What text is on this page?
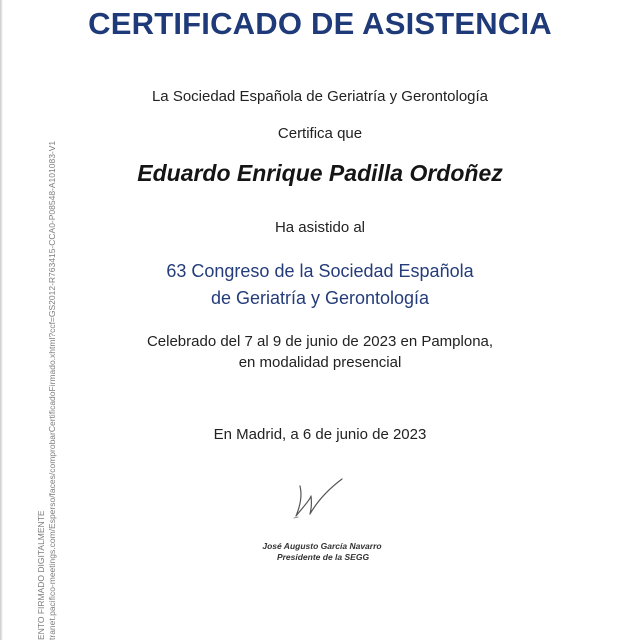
CERTIFICADO DE ASISTENCIA
La Sociedad Española de Geriatría y Gerontología
Certifica que
Eduardo Enrique Padilla Ordoñez
Ha asistido al
63 Congreso de la Sociedad Española
de Geriatría y Gerontología
Celebrado del 7 al 9 de junio de 2023 en Pamplona,
en modalidad presencial
En Madrid, a 6 de junio de 2023
José Augusto García Navarro
Presidente de la SEGG
ENTO FIRMADO DIGITALMENTE tranet.pacifico-meetings.com/Esperso/faces/comprobarCertificadoFirmado.xhtml?ccf=GS2012-R763415-CCA0-P08548-A101083-V1
